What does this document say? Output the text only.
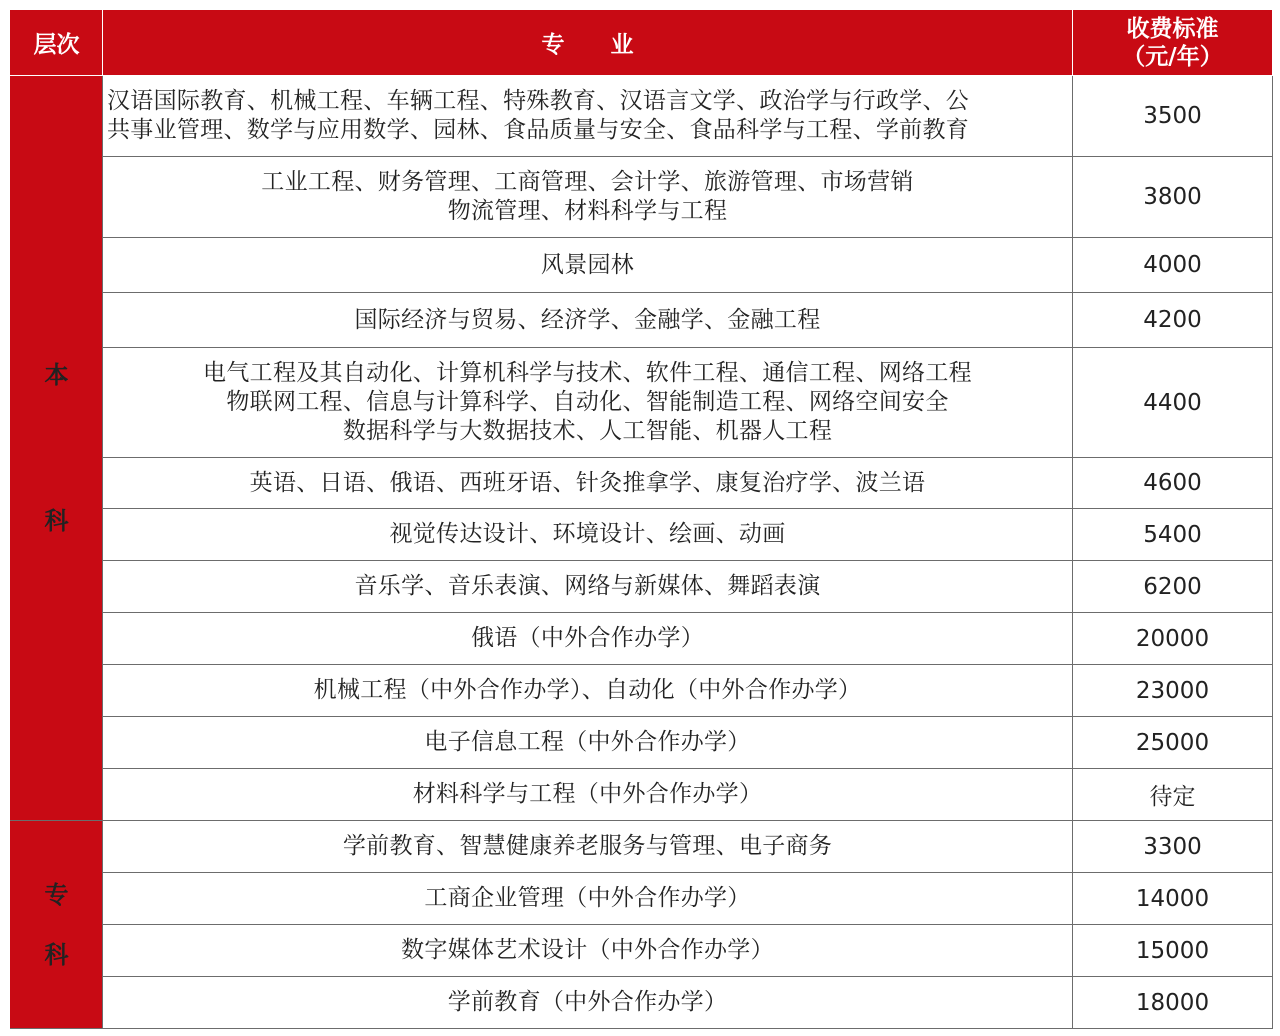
层次	专　　业	收费标准
（元/年）

本
科	汉语国际教育、机械工程、车辆工程、特殊教育、汉语言文学、政治学与行政学、公
共事业管理、数学与应用数学、园林、食品质量与安全、食品科学与工程、学前教育	3500

	工业工程、财务管理、工商管理、会计学、旅游管理、市场营销
物流管理、材料科学与工程	3800

	风景园林	4000

	国际经济与贸易、经济学、金融学、金融工程	4200

	电气工程及其自动化、计算机科学与技术、软件工程、通信工程、网络工程
物联网工程、信息与计算科学、自动化、智能制造工程、网络空间安全
数据科学与大数据技术、人工智能、机器人工程	4400

	英语、日语、俄语、西班牙语、针灸推拿学、康复治疗学、波兰语	4600

	视觉传达设计、环境设计、绘画、动画	5400

	音乐学、音乐表演、网络与新媒体、舞蹈表演	6200

	俄语（中外合作办学）	20000

	机械工程（中外合作办学）、自动化（中外合作办学）	23000

	电子信息工程（中外合作办学）	25000

	材料科学与工程（中外合作办学）	待定

专
科	学前教育、智慧健康养老服务与管理、电子商务	3300

	工商企业管理（中外合作办学）	14000

	数字媒体艺术设计（中外合作办学）	15000

	学前教育（中外合作办学）	18000
